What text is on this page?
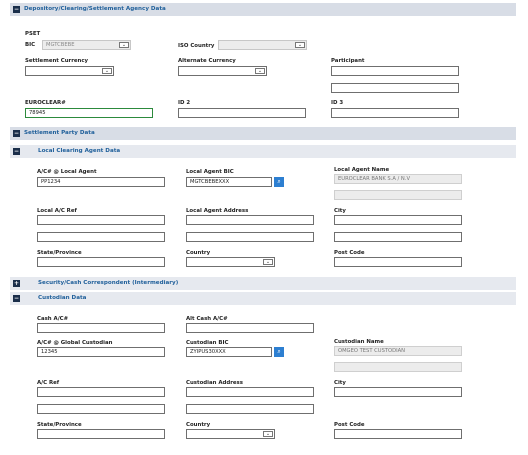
− Depository/Clearing/Settlement Agency Data
PSET
BIC	MGTCBEBE	⌄	ISO Country	⌄
Settlement Currency
⌄
Alternate Currency
⌄
Participant
EUROCLEAR#
78945
ID 2	ID 3
− Settlement Party Data
−	Local Clearing Agent Data
A/C# @ Local Agent
PP1234
Local Agent BIC
MGTCBEBEXXX	⌕
Local Agent Name
EUROCLEAR BANK S.A / N.V
Local A/C Ref	Local Agent Address	City
State/Province	Country
⌄
Post Code
+	Security/Cash Correspondent (Intermediary)
−	Custodian Data
Cash A/C#	Alt Cash A/C#
A/C# @ Global Custodian
12345
Custodian BIC
ZYIPUS30XXX	⌕
Custodian Name
OMGEO TEST CUSTODIAN
A/C Ref	Custodian Address	City
State/Province	Country
⌄
Post Code
